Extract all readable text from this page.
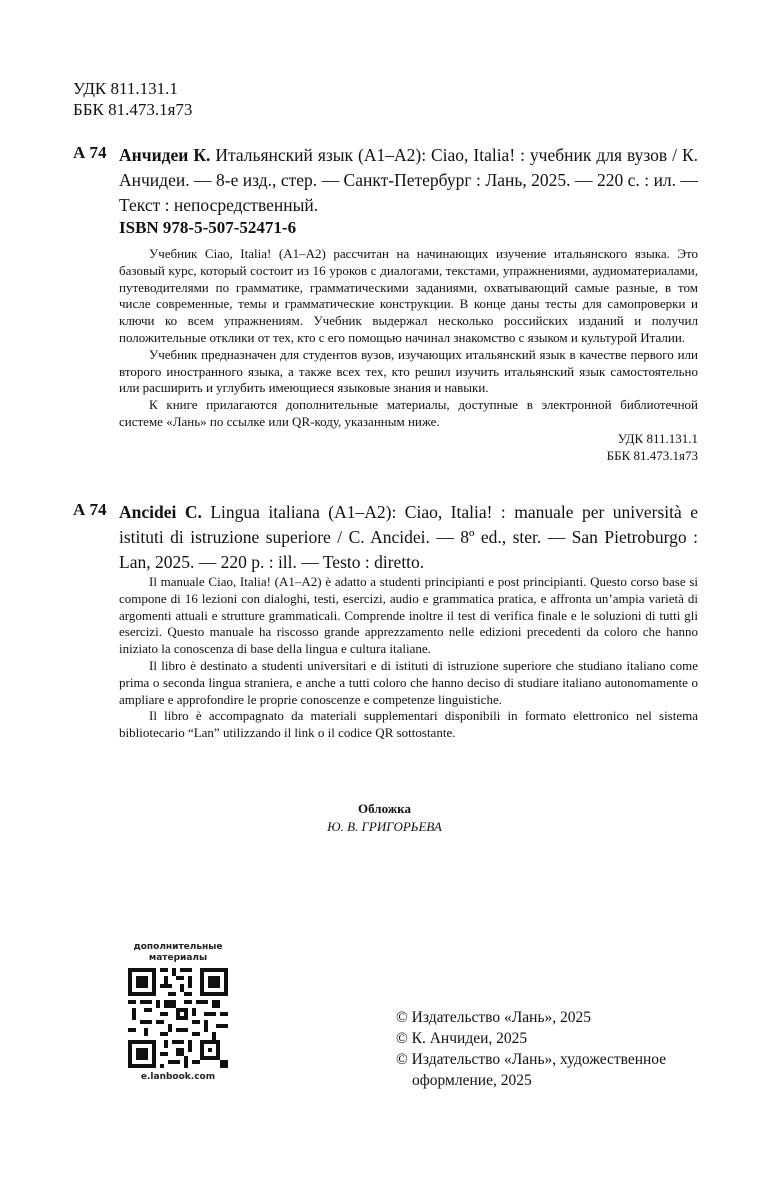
УДК 811.131.1
ББК 81.473.1я73
А 74 Анчидеи К. Итальянский язык (A1–A2): Ciao, Italia! : учебник для вузов / К. Анчидеи. — 8-е изд., стер. — Санкт-Петербург : Лань, 2025. — 220 с. : ил. — Текст : непосредственный.
ISBN 978-5-507-52471-6

Учебник Ciao, Italia! (A1–A2) рассчитан на начинающих изучение итальянского языка. Это базовый курс, который состоит из 16 уроков с диалогами, текстами, упражнениями, аудиоматериалами, путеводителями по грамматике, грамматическими заданиями, охватывающий самые разные, в том числе современные, темы и грамматические конструкции. В конце даны тесты для самопроверки и ключи ко всем упражнениям. Учебник выдержал несколько российских изданий и получил положительные отклики от тех, кто с его помощью начинал знакомство с языком и культурой Италии.

Учебник предназначен для студентов вузов, изучающих итальянский язык в качестве первого или второго иностранного языка, а также всех тех, кто решил изучить итальянский язык самостоятельно или расширить и углубить имеющиеся языковые знания и навыки.

К книге прилагаются дополнительные материалы, доступные в электронной библиотечной системе «Лань» по ссылке или QR-коду, указанным ниже.

УДК 811.131.1

ББК 81.473.1я73

А 74 Ancidei C. Lingua italiana (A1–A2): Ciao, Italia! : manuale per università e istituti di istruzione superiore / C. Ancidei. — 8º ed., ster. — San Pietroburgo : Lan, 2025. — 220 p. : ill. — Testo : diretto.

Il manuale Ciao, Italia! (A1–A2) è adatto a studenti principianti e post principianti. Questo corso base si compone di 16 lezioni con dialoghi, testi, esercizi, audio e grammatica pratica, e affronta un’ampia varietà di argomenti attuali e strutture grammaticali. Comprende inoltre il test di verifica finale e le soluzioni di tutti gli esercizi. Questo manuale ha riscosso grande apprezzamento nelle edizioni precedenti da coloro che hanno iniziato la conoscenza di base della lingua e cultura italiane.

Il libro è destinato a studenti universitari e di istituti di istruzione superiore che studiano italiano come prima o seconda lingua straniera, e anche a tutti coloro che hanno deciso di studiare italiano autonomamente o ampliare e approfondire le proprie conoscenze e competenze linguistiche.

Il libro è accompagnato da materiali supplementari disponibili in formato elettronico nel sistema bibliotecario “Lan” utilizzando il link o il codice QR sottostante.

Обложка
Ю. В. ГРИГОРЬЕВА
дополнительные
материалы
e.lanbook.com
© Издательство «Лань», 2025
© К. Анчидеи, 2025
© Издательство «Лань», художественное оформление, 2025
